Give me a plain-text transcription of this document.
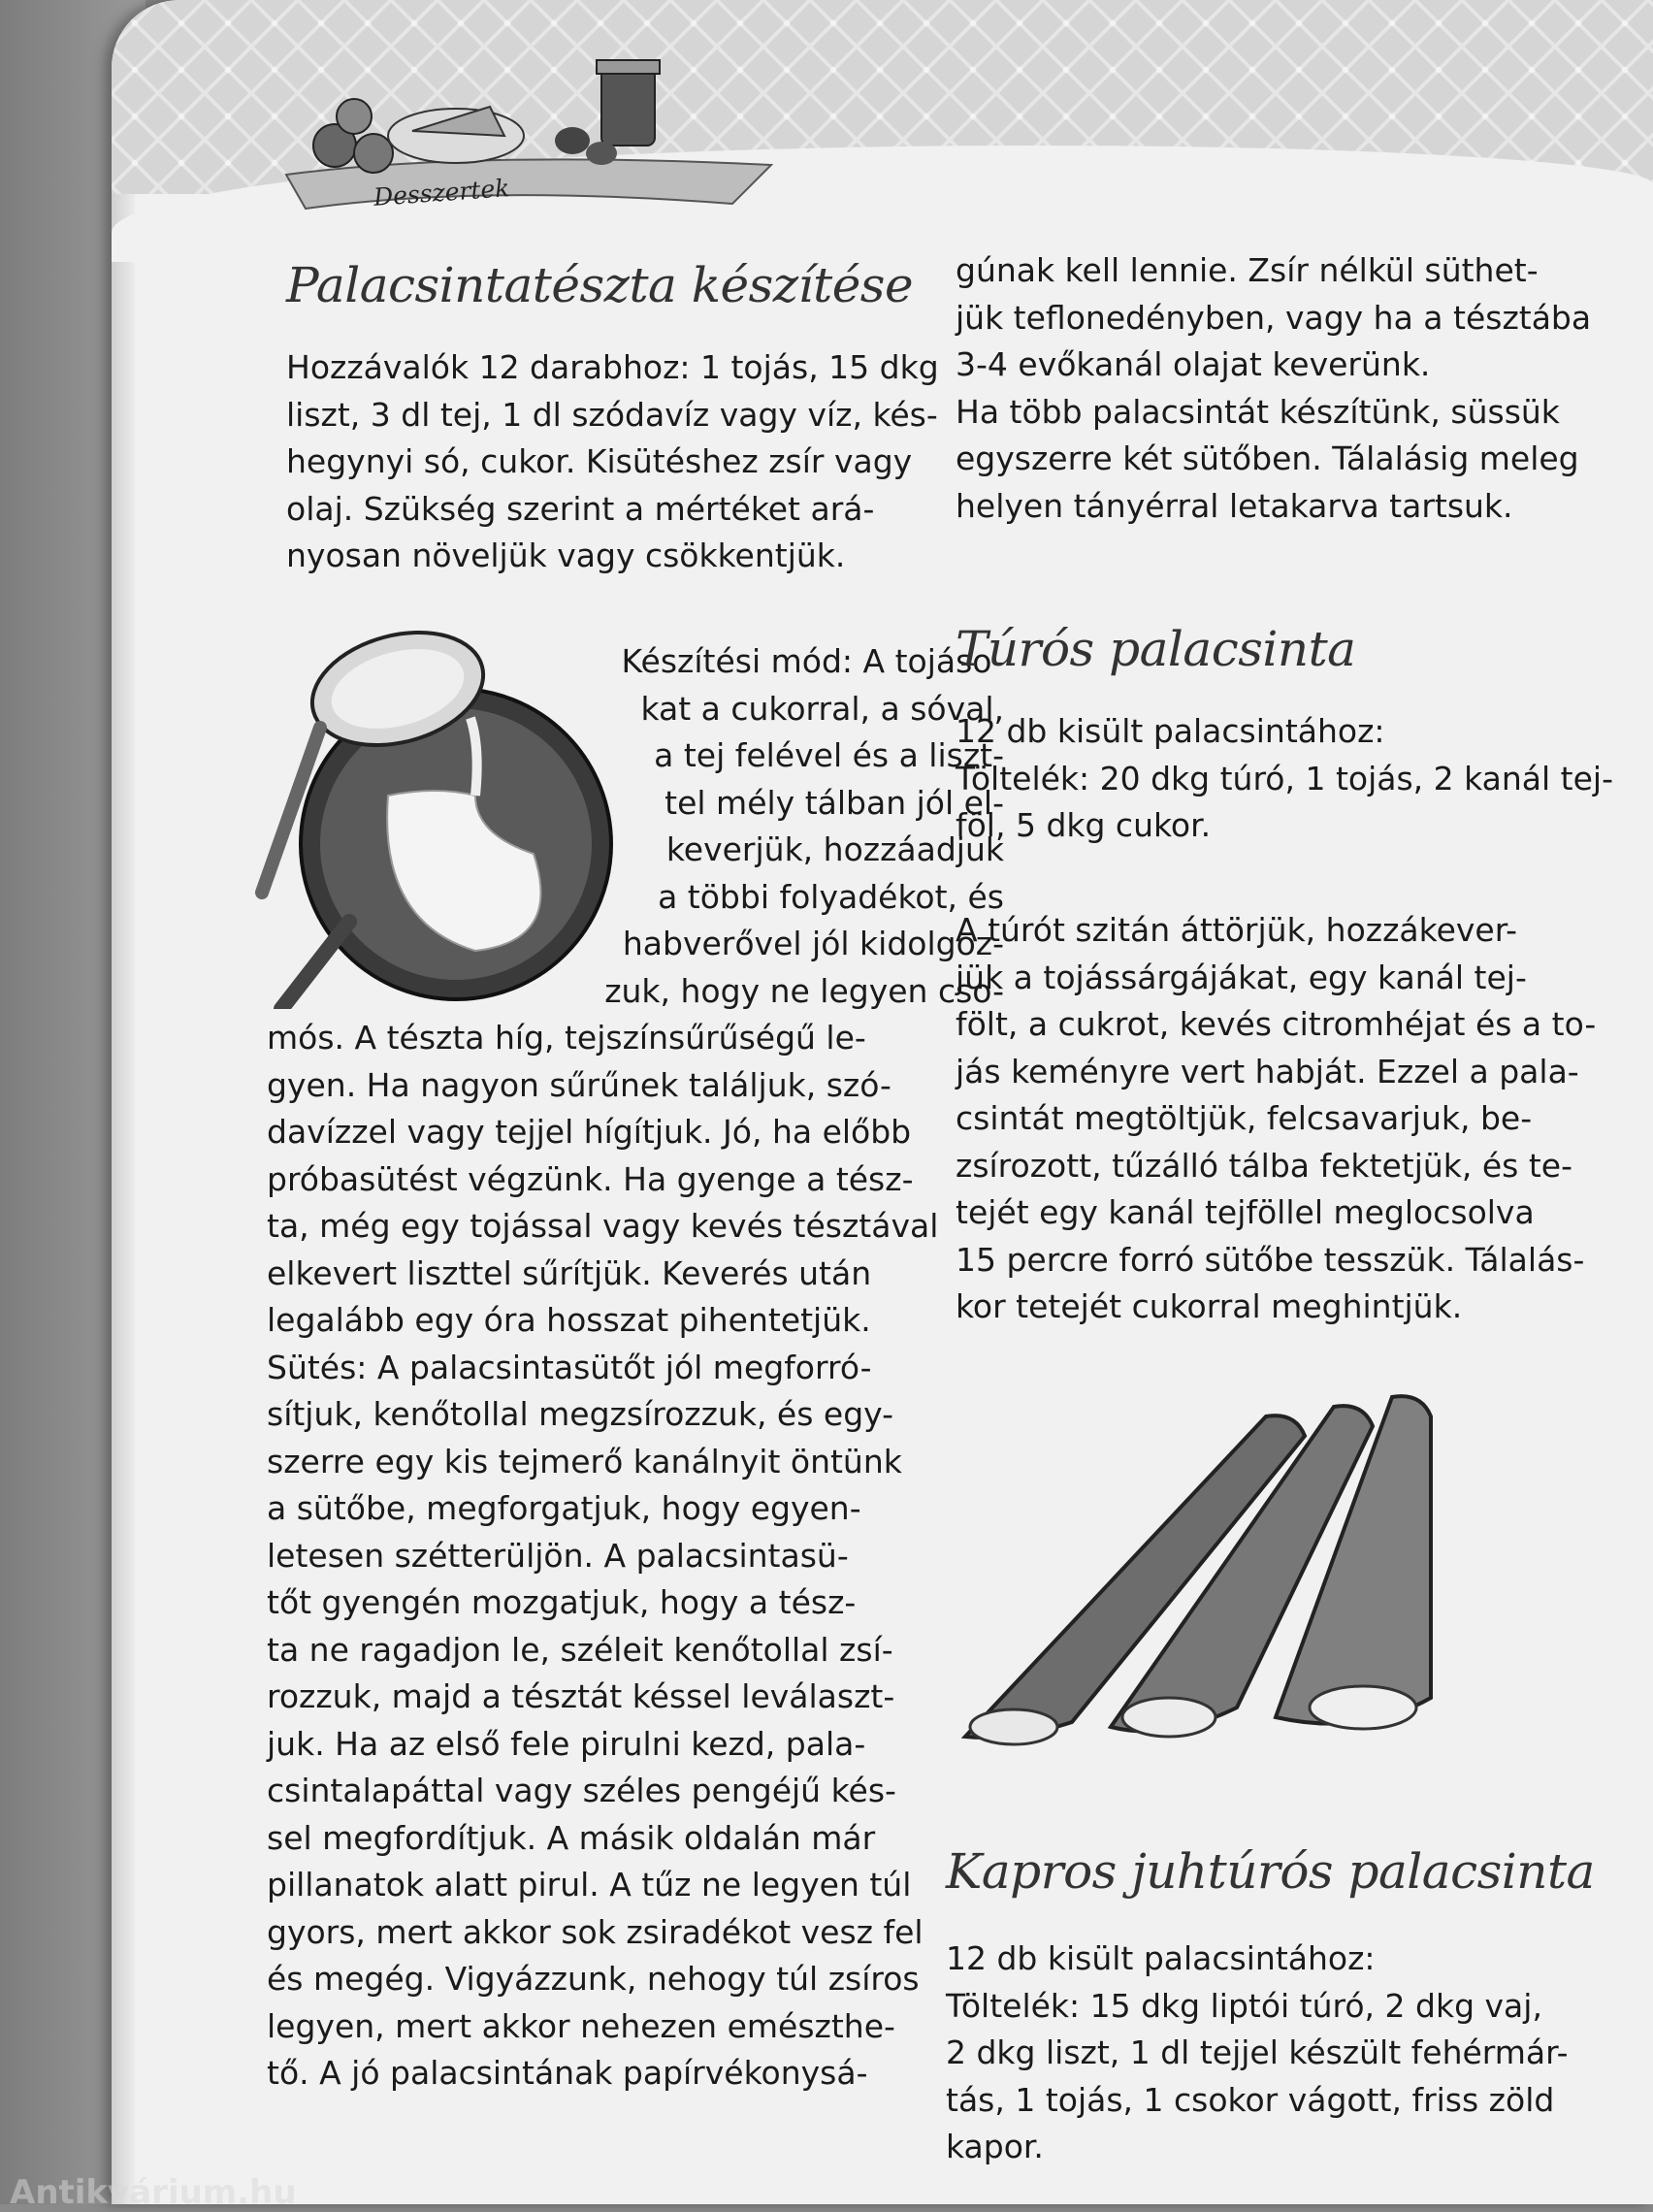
Desszertek
Palacsintatészta készítése
Hozzávalók 12 darabhoz: 1 tojás, 15 dkg
liszt, 3 dl tej, 1 dl szódavíz vagy víz, kés-
hegynyi só, cukor. Kisütéshez zsír vagy
olaj. Szükség szerint a mértéket ará-
nyosan növeljük vagy csökkentjük.
Készítési mód: A tojáso-
kat a cukorral, a sóval,
a tej felével és a liszt-
tel mély tálban jól el-
keverjük, hozzáadjuk
a többi folyadékot, és
habverővel jól kidolgoz-
zuk, hogy ne legyen cso-
mós. A tészta híg, tejszínsűrűségű le-
gyen. Ha nagyon sűrűnek találjuk, szó-
davízzel vagy tejjel hígítjuk. Jó, ha előbb
próbasütést végzünk. Ha gyenge a tész-
ta, még egy tojással vagy kevés tésztával
elkevert liszttel sűrítjük. Keverés után
legalább egy óra hosszat pihentetjük.
Sütés: A palacsintasütőt jól megforró-
sítjuk, kenőtollal megzsírozzuk, és egy-
szerre egy kis tejmerő kanálnyit öntünk
a sütőbe, megforgatjuk, hogy egyen-
letesen szétterüljön. A palacsintasü-
tőt gyengén mozgatjuk, hogy a tész-
ta ne ragadjon le, széleit kenőtollal zsí-
rozzuk, majd a tésztát késsel leválaszt-
juk. Ha az első fele pirulni kezd, pala-
csintalapáttal vagy széles pengéjű kés-
sel megfordítjuk. A másik oldalán már
pillanatok alatt pirul. A tűz ne legyen túl
gyors, mert akkor sok zsiradékot vesz fel
és megég. Vigyázzunk, nehogy túl zsíros
legyen, mert akkor nehezen emészthe-
tő. A jó palacsintának papírvékonysá-
gúnak kell lennie. Zsír nélkül süthet-
jük teflonedényben, vagy ha a tésztába
3-4 evőkanál olajat keverünk.
Ha több palacsintát készítünk, süssük
egyszerre két sütőben. Tálalásig meleg
helyen tányérral letakarva tartsuk.
Túrós palacsinta
12 db kisült palacsintához:
Töltelék: 20 dkg túró, 1 tojás, 2 kanál tej-
föl, 5 dkg cukor.
A túrót szitán áttörjük, hozzákever-
jük a tojássárgájákat, egy kanál tej-
fölt, a cukrot, kevés citromhéjat és a to-
jás keményre vert habját. Ezzel a pala-
csintát megtöltjük, felcsavarjuk, be-
zsírozott, tűzálló tálba fektetjük, és te-
tejét egy kanál tejföllel meglocsolva
15 percre forró sütőbe tesszük. Tálalás-
kor tetejét cukorral meghintjük.
Kapros juhtúrós palacsinta
12 db kisült palacsintához:
Töltelék: 15 dkg liptói túró, 2 dkg vaj,
2 dkg liszt, 1 dl tejjel készült fehérmár-
tás, 1 tojás, 1 csokor vágott, friss zöld
kapor.
Antikvárium.hu
